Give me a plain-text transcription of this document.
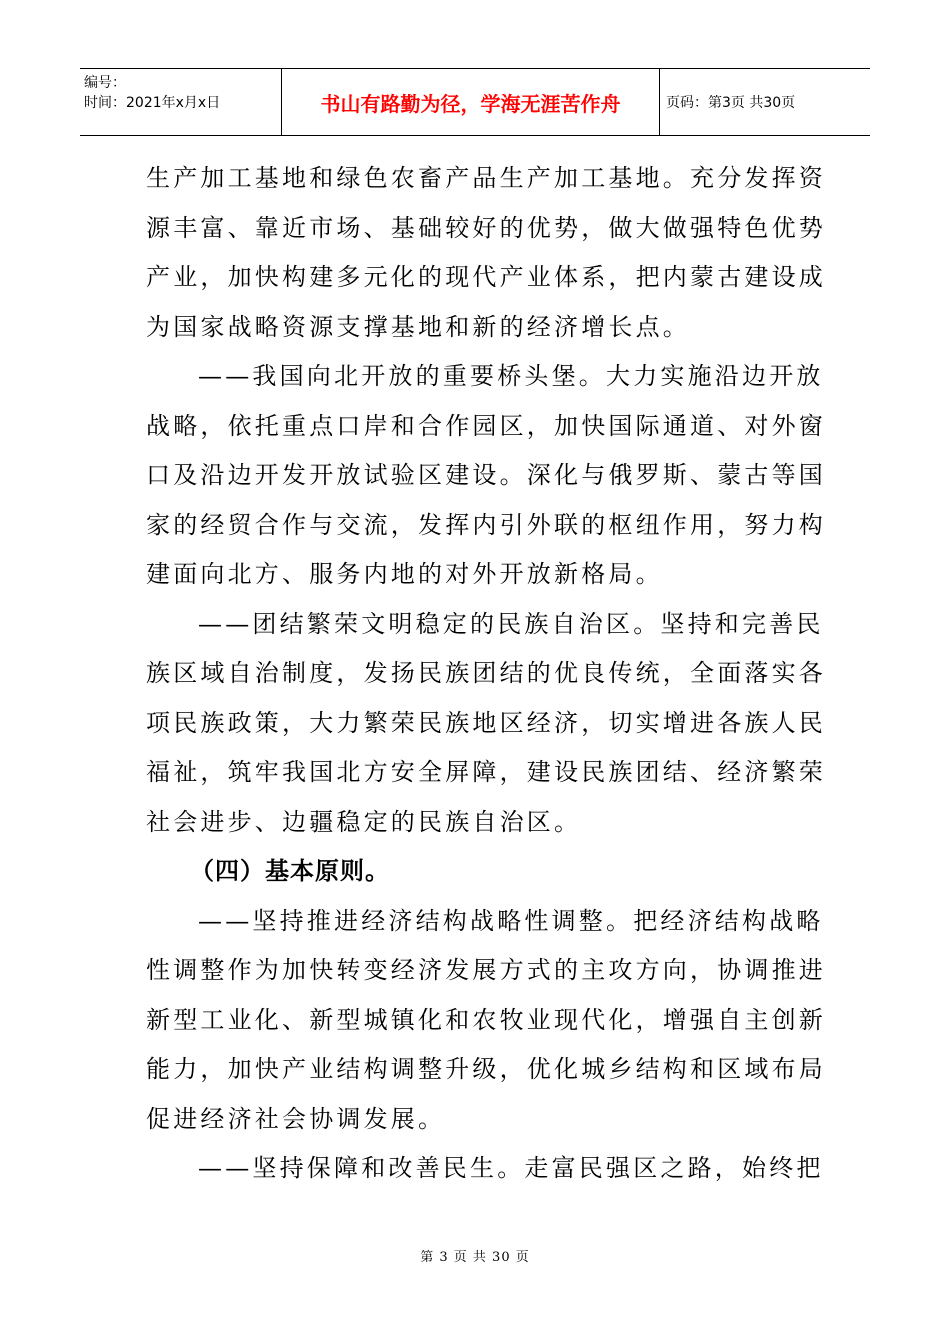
编号：
时间：2021年x月x日	书山有路勤为径，学海无涯苦作舟	页码：第3页 共30页
生产加工基地和绿色农畜产品生产加工基地。充分发挥资
源丰富、靠近市场、基础较好的优势，做大做强特色优势
产业，加快构建多元化的现代产业体系，把内蒙古建设成
为国家战略资源支撑基地和新的经济增长点。
——我国向北开放的重要桥头堡。大力实施沿边开放
战略，依托重点口岸和合作园区，加快国际通道、对外窗
口及沿边开发开放试验区建设。深化与俄罗斯、蒙古等国
家的经贸合作与交流，发挥内引外联的枢纽作用，努力构
建面向北方、服务内地的对外开放新格局。
——团结繁荣文明稳定的民族自治区。坚持和完善民
族区域自治制度，发扬民族团结的优良传统，全面落实各
项民族政策，大力繁荣民族地区经济，切实增进各族人民
福祉，筑牢我国北方安全屏障，建设民族团结、经济繁荣
社会进步、边疆稳定的民族自治区。
（四）基本原则。
——坚持推进经济结构战略性调整。把经济结构战略
性调整作为加快转变经济发展方式的主攻方向，协调推进
新型工业化、新型城镇化和农牧业现代化，增强自主创新
能力，加快产业结构调整升级，优化城乡结构和区域布局
促进经济社会协调发展。
——坚持保障和改善民生。走富民强区之路，始终把
第 3 页 共 30 页
